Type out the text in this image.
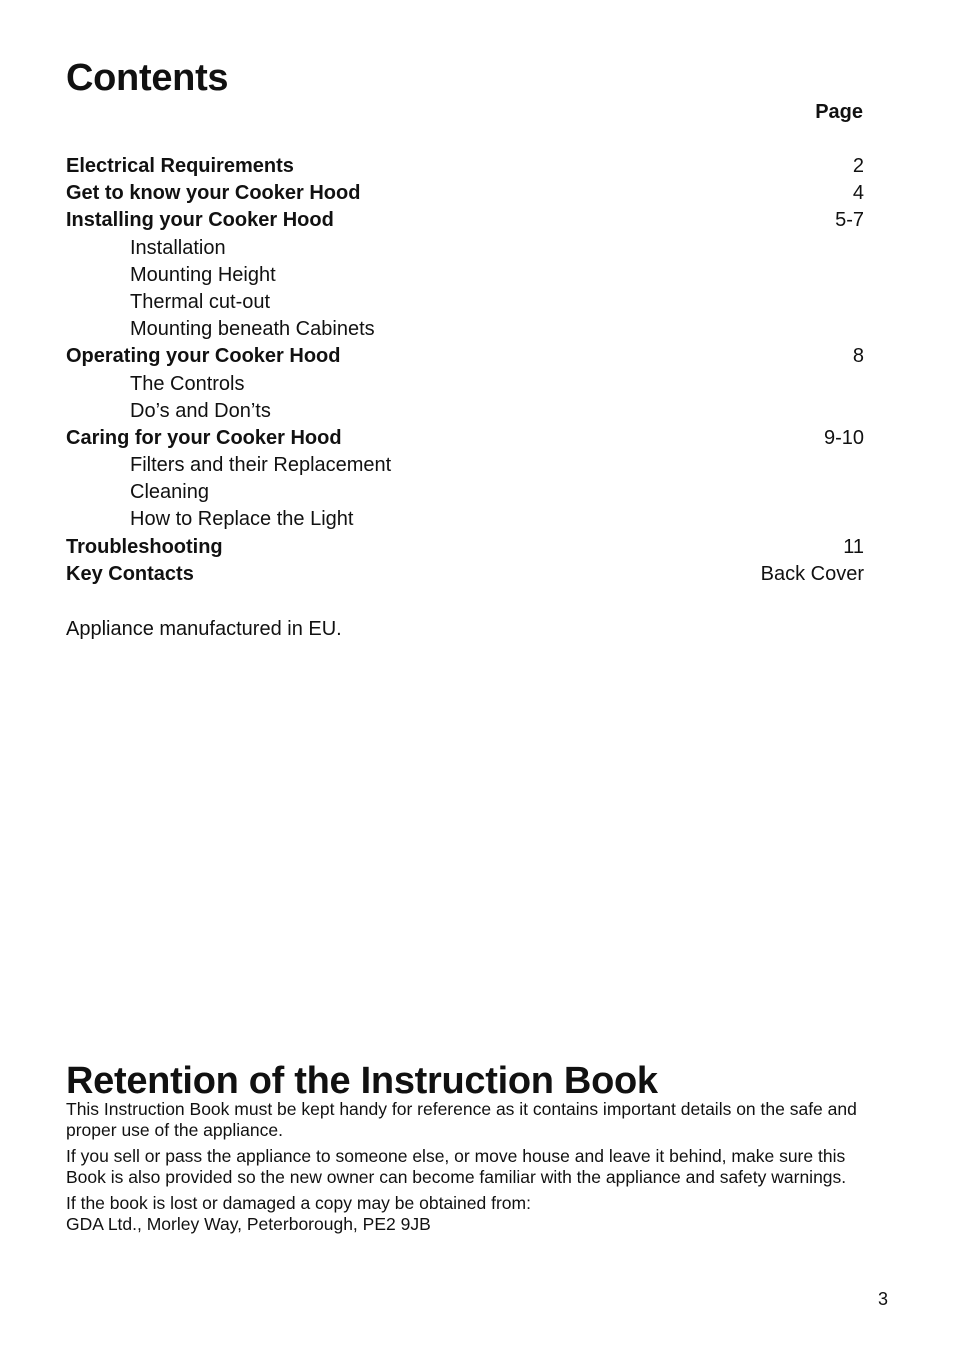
Contents
Page
Electrical Requirements	2
Get to know your Cooker Hood	4
Installing your Cooker Hood	5-7
Installation
Mounting Height
Thermal cut-out
Mounting beneath Cabinets
Operating your Cooker Hood	8
The Controls
Do’s and Don’ts
Caring for your Cooker Hood	9-10
Filters and their Replacement
Cleaning
How to Replace the Light
Troubleshooting	11
Key Contacts	Back Cover
Appliance manufactured in EU.
Retention of the Instruction Book

This Instruction Book must be kept handy for reference as it contains important details on the safe and proper use of the appliance.

If you sell or pass the appliance to someone else, or move house and leave it behind, make sure this Book is also provided so the new owner can become familiar with the appliance and safety warnings.

If the book is lost or damaged a copy may be obtained from:
GDA Ltd., Morley Way, Peterborough, PE2 9JB

3
